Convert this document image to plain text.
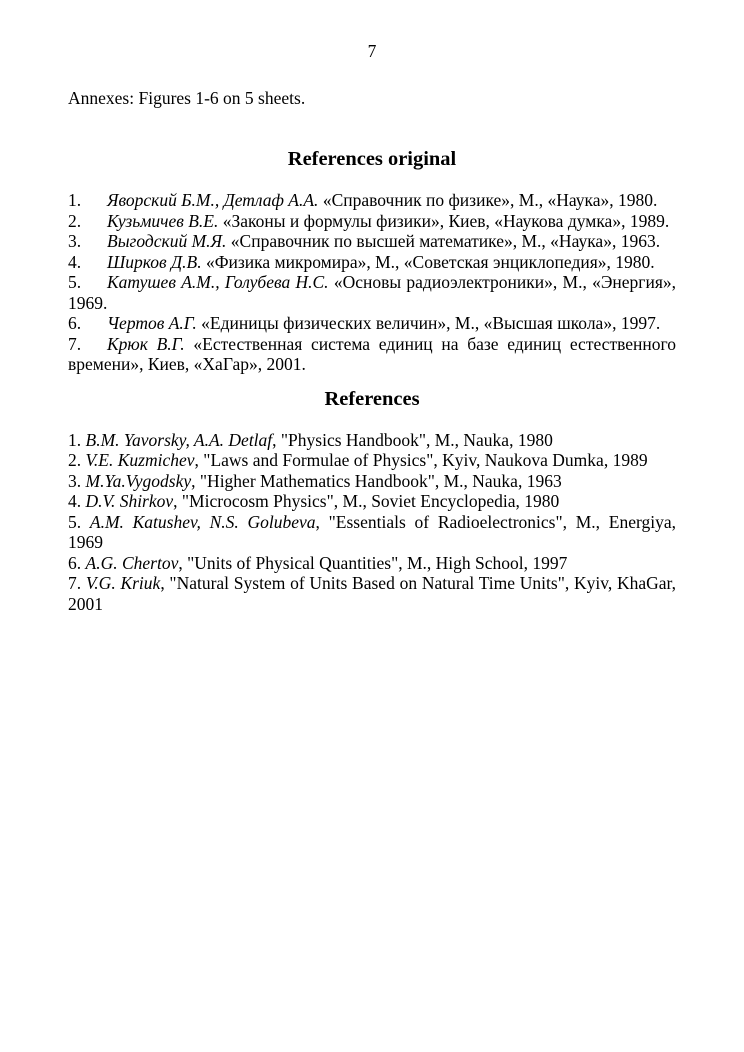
7

Annexes: Figures 1-6 on 5 sheets.

References original

1. Яворский Б.М., Детлаф А.А. «Справочник по физике», М., «Наука», 1980.

2. Кузьмичев В.Е. «Законы и формулы физики», Киев, «Наукова думка», 1989.

3. Выгодский М.Я. «Справочник по высшей математике», М., «Наука», 1963.

4. Ширков Д.В. «Физика микромира», М., «Советская энциклопедия», 1980.

5. Катушев А.М., Голубева Н.С. «Основы радиоэлектроники», М., «Энергия», 1969.

6. Чертов А.Г. «Единицы физических величин», М., «Высшая школа», 1997.

7. Крюк В.Г. «Естественная система единиц на базе единиц естественного времени», Киев, «ХаГар», 2001.

References

1. B.M. Yavorsky, A.A. Detlaf, "Physics Handbook", M., Nauka, 1980

2. V.E. Kuzmichev, "Laws and Formulae of Physics", Kyiv, Naukova Dumka, 1989

3. M.Ya.Vygodsky, "Higher Mathematics Handbook", M., Nauka, 1963

4. D.V. Shirkov, "Microcosm Physics", M., Soviet Encyclopedia, 1980

5. A.M. Katushev, N.S. Golubeva, "Essentials of Radioelectronics", M., Energiya, 1969

6. A.G. Chertov, "Units of Physical Quantities", M., High School, 1997

7. V.G. Kriuk, "Natural System of Units Based on Natural Time Units", Kyiv, KhaGar, 2001
